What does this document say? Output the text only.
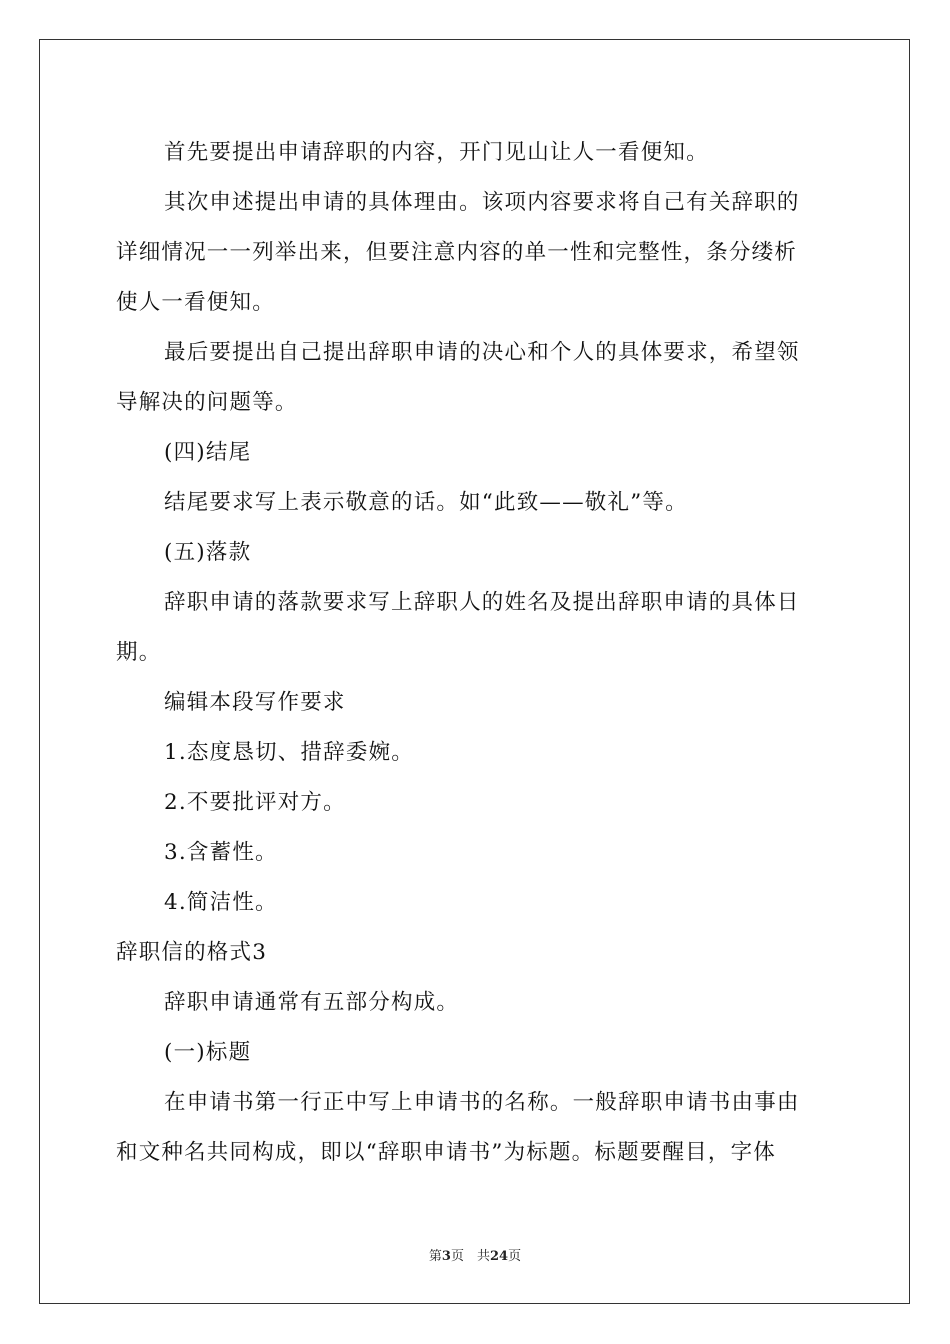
首先要提出申请辞职的内容，开门见山让人一看便知。
其次申述提出申请的具体理由。该项内容要求将自己有关辞职的
详细情况一一列举出来，但要注意内容的单一性和完整性，条分缕析
使人一看便知。
最后要提出自己提出辞职申请的决心和个人的具体要求，希望领
导解决的问题等。
(四)结尾
结尾要求写上表示敬意的话。如“此致——敬礼”等。
(五)落款
辞职申请的落款要求写上辞职人的姓名及提出辞职申请的具体日
期。
编辑本段写作要求
1.态度恳切、措辞委婉。
2.不要批评对方。
3.含蓄性。
4.简洁性。
辞职信的格式3
辞职申请通常有五部分构成。
(一)标题
在申请书第一行正中写上申请书的名称。一般辞职申请书由事由
和文种名共同构成，即以“辞职申请书”为标题。标题要醒目，字体
第3页　共24页
